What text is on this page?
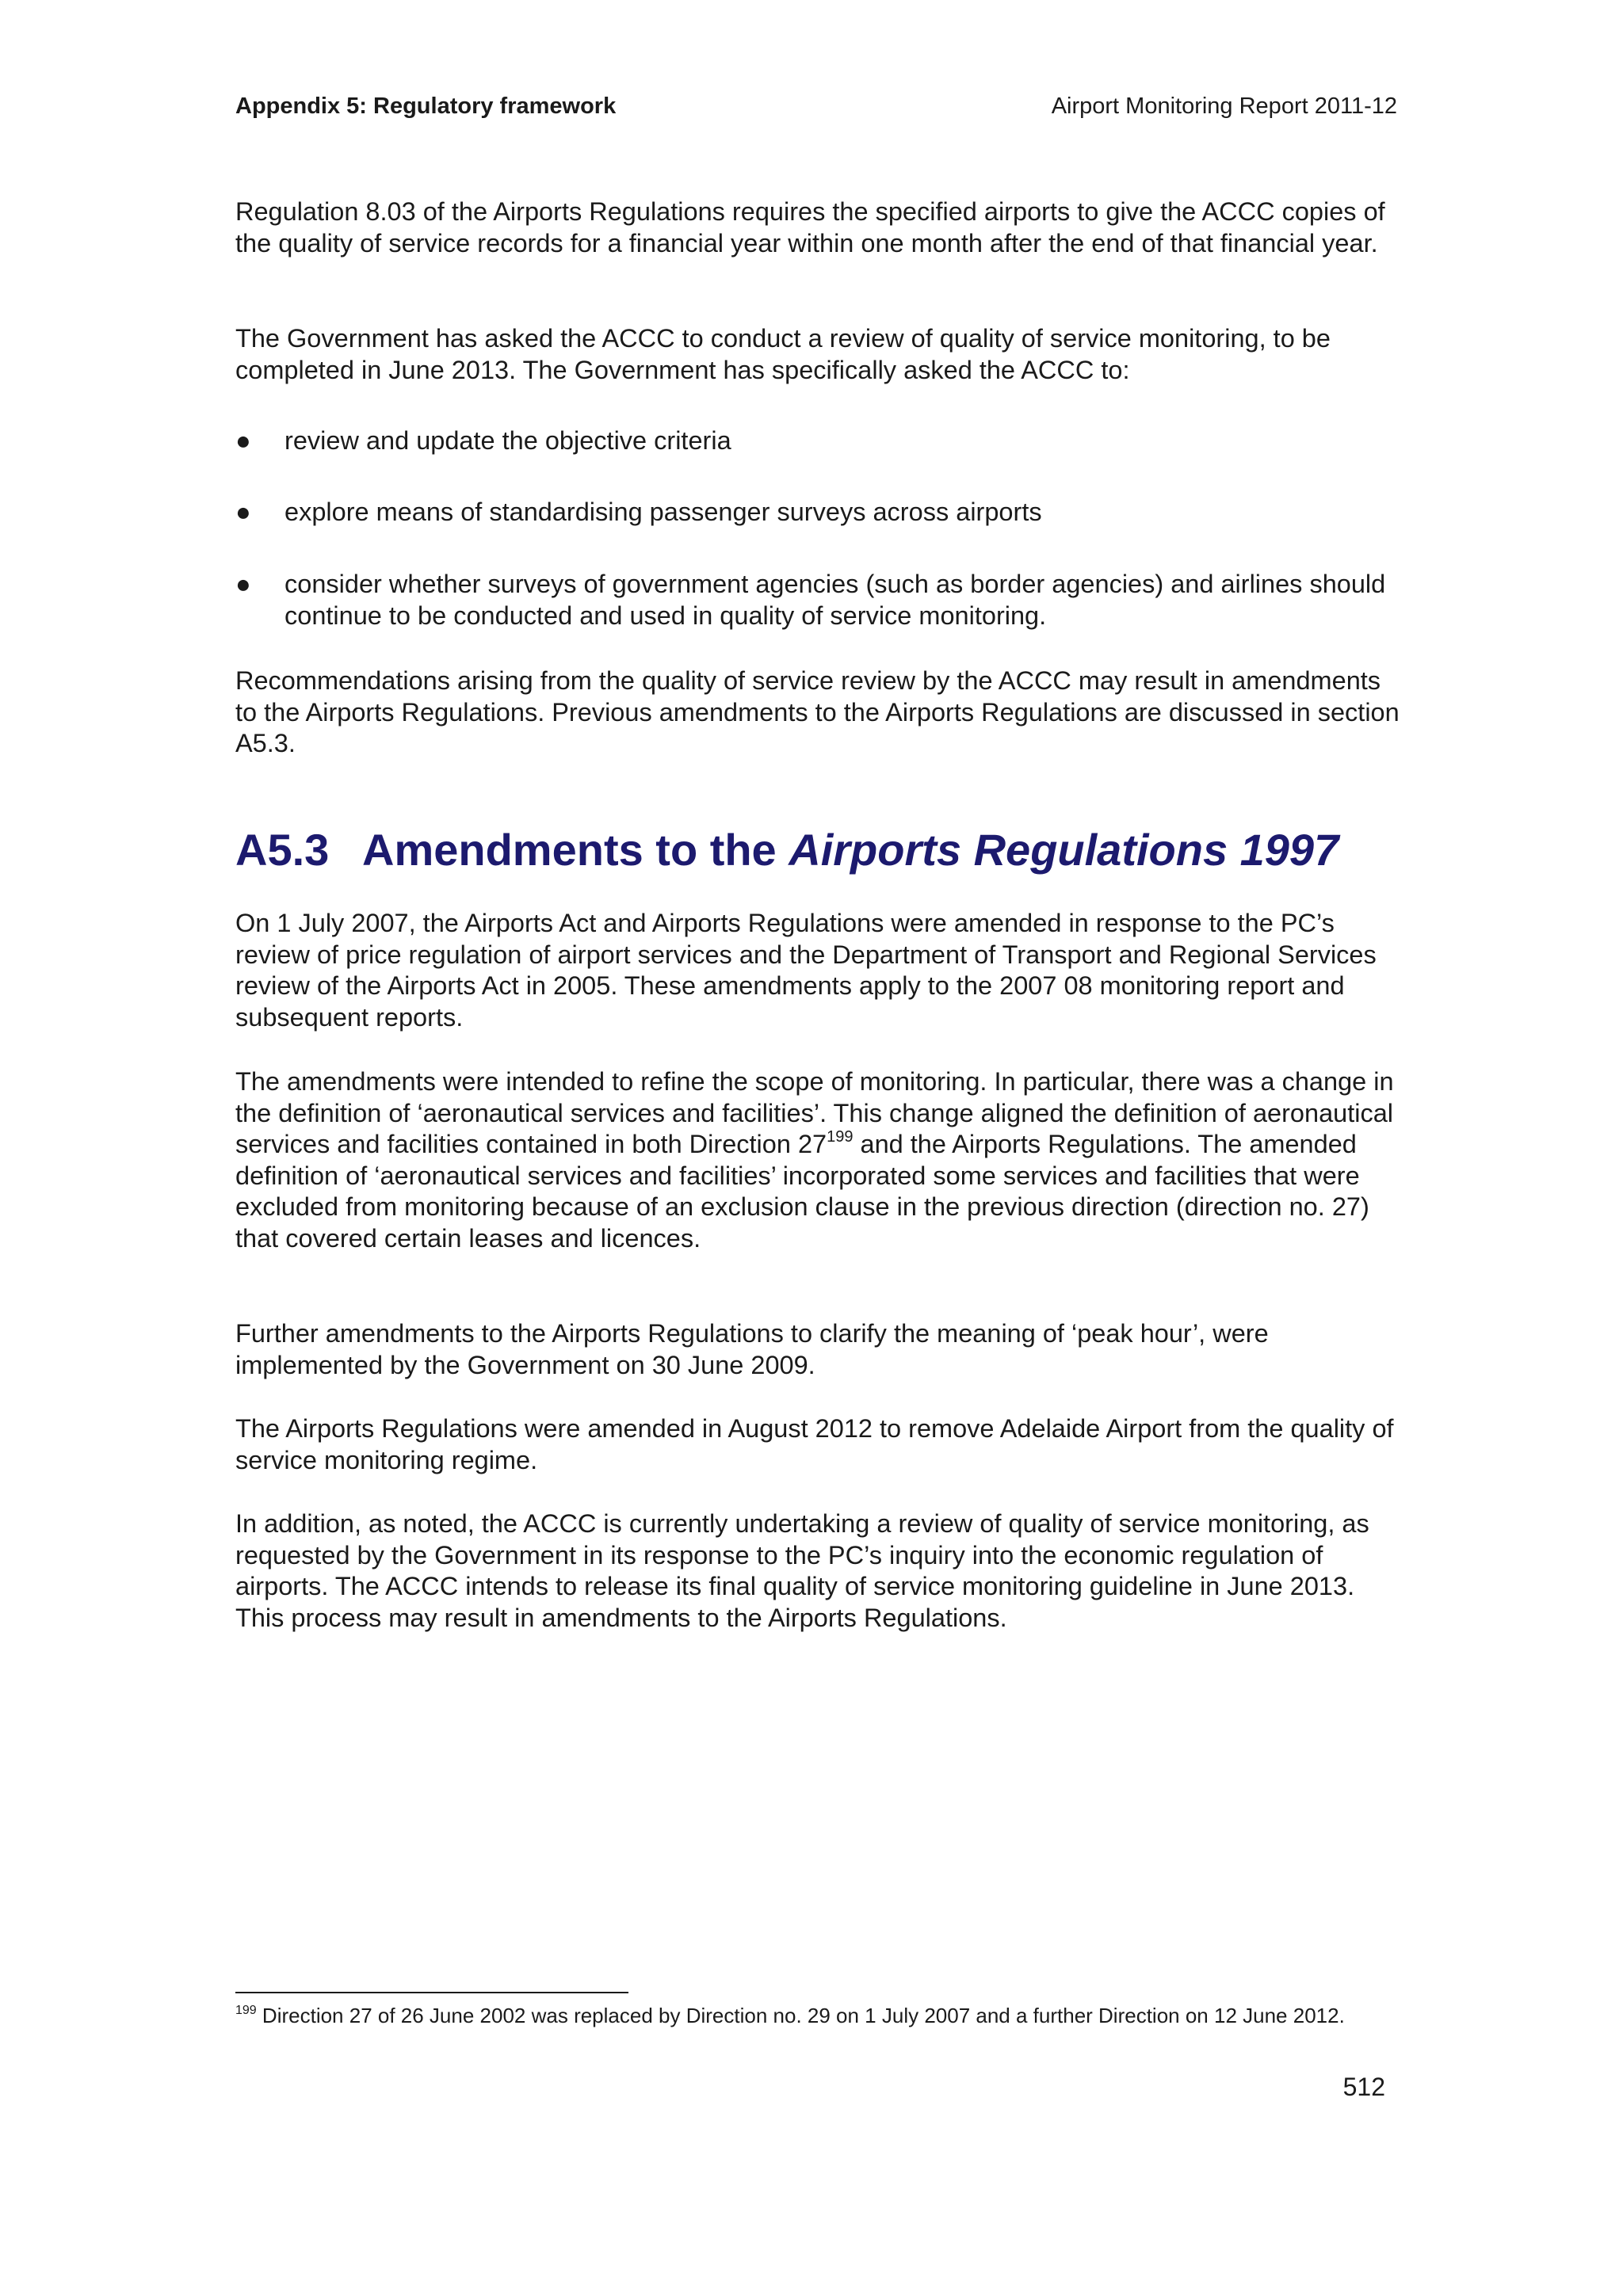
Appendix 5: Regulatory framework	Airport Monitoring Report 2011-12

Regulation 8.03 of the Airports Regulations requires the specified airports to give the ACCC copies of the quality of service records for a financial year within one month after the end of that financial year.

The Government has asked the ACCC to conduct a review of quality of service monitoring, to be completed in June 2013. The Government has specifically asked the ACCC to:

●	review and update the objective criteria
●	explore means of standardising passenger surveys across airports
●	consider whether surveys of government agencies (such as border agencies) and airlines should continue to be conducted and used in quality of service monitoring.

Recommendations arising from the quality of service review by the ACCC may result in amendments to the Airports Regulations. Previous amendments to the Airports Regulations are discussed in section A5.3.

A5.3 Amendments to the Airports Regulations 1997

On 1 July 2007, the Airports Act and Airports Regulations were amended in response to the PC’s review of price regulation of airport services and the Department of Transport and Regional Services review of the Airports Act in 2005. These amendments apply to the 2007 08 monitoring report and subsequent reports.

The amendments were intended to refine the scope of monitoring. In particular, there was a change in the definition of ‘aeronautical services and facilities’. This change aligned the definition of aeronautical services and facilities contained in both Direction 27$^{199}$ and the Airports Regulations. The amended definition of ‘aeronautical services and facilities’ incorporated some services and facilities that were excluded from monitoring because of an exclusion clause in the previous direction (direction no. 27) that covered certain leases and licences.

Further amendments to the Airports Regulations to clarify the meaning of ‘peak hour’, were implemented by the Government on 30 June 2009.

The Airports Regulations were amended in August 2012 to remove Adelaide Airport from the quality of service monitoring regime.

In addition, as noted, the ACCC is currently undertaking a review of quality of service monitoring, as requested by the Government in its response to the PC’s inquiry into the economic regulation of airports. The ACCC intends to release its final quality of service monitoring guideline in June 2013. This process may result in amendments to the Airports Regulations.

$^{199}$ Direction 27 of 26 June 2002 was replaced by Direction no. 29 on 1 July 2007 and a further Direction on 12 June 2012.
512
